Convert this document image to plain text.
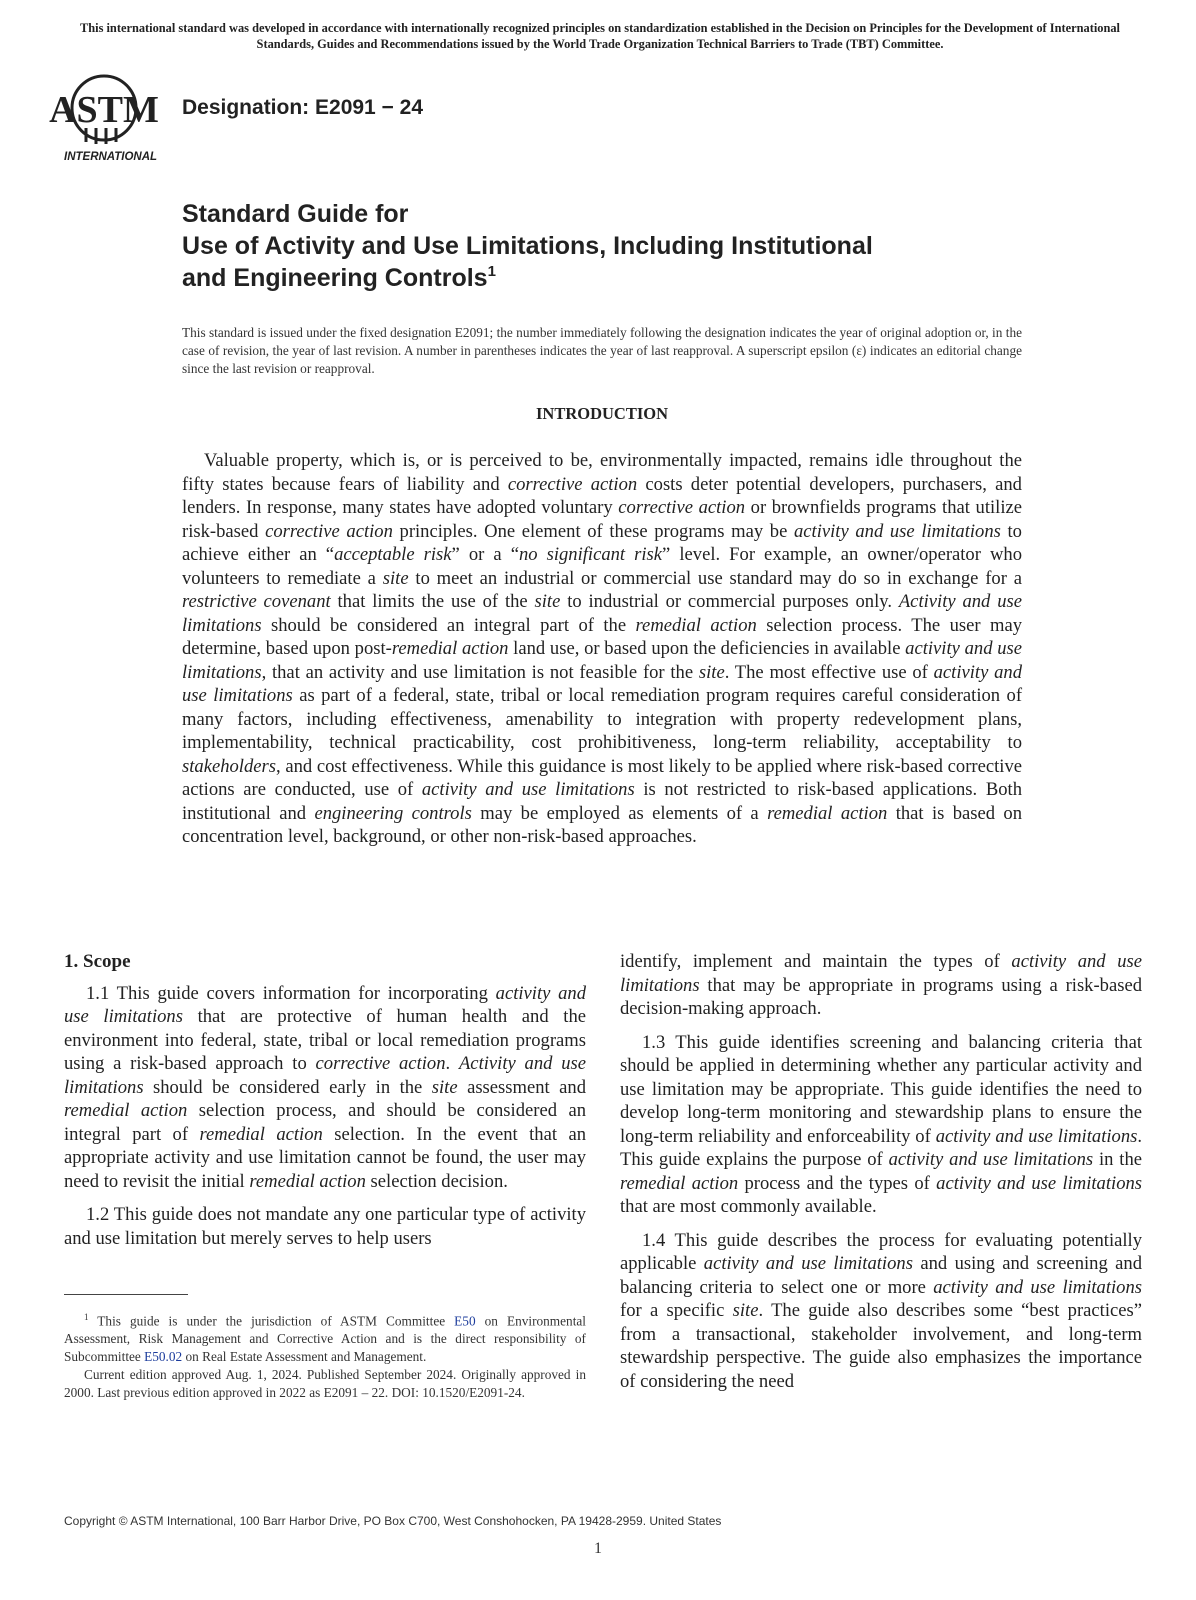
This international standard was developed in accordance with internationally recognized principles on standardization established in the Decision on Principles for the Development of International Standards, Guides and Recommendations issued by the World Trade Organization Technical Barriers to Trade (TBT) Committee.
ASTM
INTERNATIONAL
Designation: E2091 − 24
Standard Guide for
Use of Activity and Use Limitations, Including Institutional
and Engineering Controls$^1$
This standard is issued under the fixed designation E2091; the number immediately following the designation indicates the year of original adoption or, in the case of revision, the year of last revision. A number in parentheses indicates the year of last reapproval. A superscript epsilon (ε) indicates an editorial change since the last revision or reapproval.
INTRODUCTION
Valuable property, which is, or is perceived to be, environmentally impacted, remains idle throughout the fifty states because fears of liability and corrective action costs deter potential developers, purchasers, and lenders. In response, many states have adopted voluntary corrective action or brownfields programs that utilize risk-based corrective action principles. One element of these programs may be activity and use limitations to achieve either an “acceptable risk” or a “no significant risk” level. For example, an owner/operator who volunteers to remediate a site to meet an industrial or commercial use standard may do so in exchange for a restrictive covenant that limits the use of the site to industrial or commercial purposes only. Activity and use limitations should be considered an integral part of the remedial action selection process. The user may determine, based upon post-remedial action land use, or based upon the deficiencies in available activity and use limitations, that an activity and use limitation is not feasible for the site. The most effective use of activity and use limitations as part of a federal, state, tribal or local remediation program requires careful consideration of many factors, including effectiveness, amenability to integration with property redevelopment plans, implementability, technical practicability, cost prohibitiveness, long-term reliability, acceptability to stakeholders, and cost effectiveness. While this guidance is most likely to be applied where risk-based corrective actions are conducted, use of activity and use limitations is not restricted to risk-based applications. Both institutional and engineering controls may be employed as elements of a remedial action that is based on concentration level, background, or other non-risk-based approaches.
1. Scope
1.1 This guide covers information for incorporating activity and use limitations that are protective of human health and the environment into federal, state, tribal or local remediation programs using a risk-based approach to corrective action. Activity and use limitations should be considered early in the site assessment and remedial action selection process, and should be considered an integral part of remedial action selection. In the event that an appropriate activity and use limitation cannot be found, the user may need to revisit the initial remedial action selection decision.
1.2 This guide does not mandate any one particular type of activity and use limitation but merely serves to help users
identify, implement and maintain the types of activity and use limitations that may be appropriate in programs using a risk-based decision-making approach.
1.3 This guide identifies screening and balancing criteria that should be applied in determining whether any particular activity and use limitation may be appropriate. This guide identifies the need to develop long-term monitoring and stewardship plans to ensure the long-term reliability and enforceability of activity and use limitations. This guide explains the purpose of activity and use limitations in the remedial action process and the types of activity and use limitations that are most commonly available.
1.4 This guide describes the process for evaluating potentially applicable activity and use limitations and using and screening and balancing criteria to select one or more activity and use limitations for a specific site. The guide also describes some “best practices” from a transactional, stakeholder involvement, and long-term stewardship perspective. The guide also emphasizes the importance of considering the need

$^1$ This guide is under the jurisdiction of ASTM Committee E50 on Environmental Assessment, Risk Management and Corrective Action and is the direct responsibility of Subcommittee E50.02 on Real Estate Assessment and Management.

Current edition approved Aug. 1, 2024. Published September 2024. Originally approved in 2000. Last previous edition approved in 2022 as E2091 – 22. DOI: 10.1520/E2091-24.

Copyright © ASTM International, 100 Barr Harbor Drive, PO Box C700, West Conshohocken, PA 19428-2959. United States
1
